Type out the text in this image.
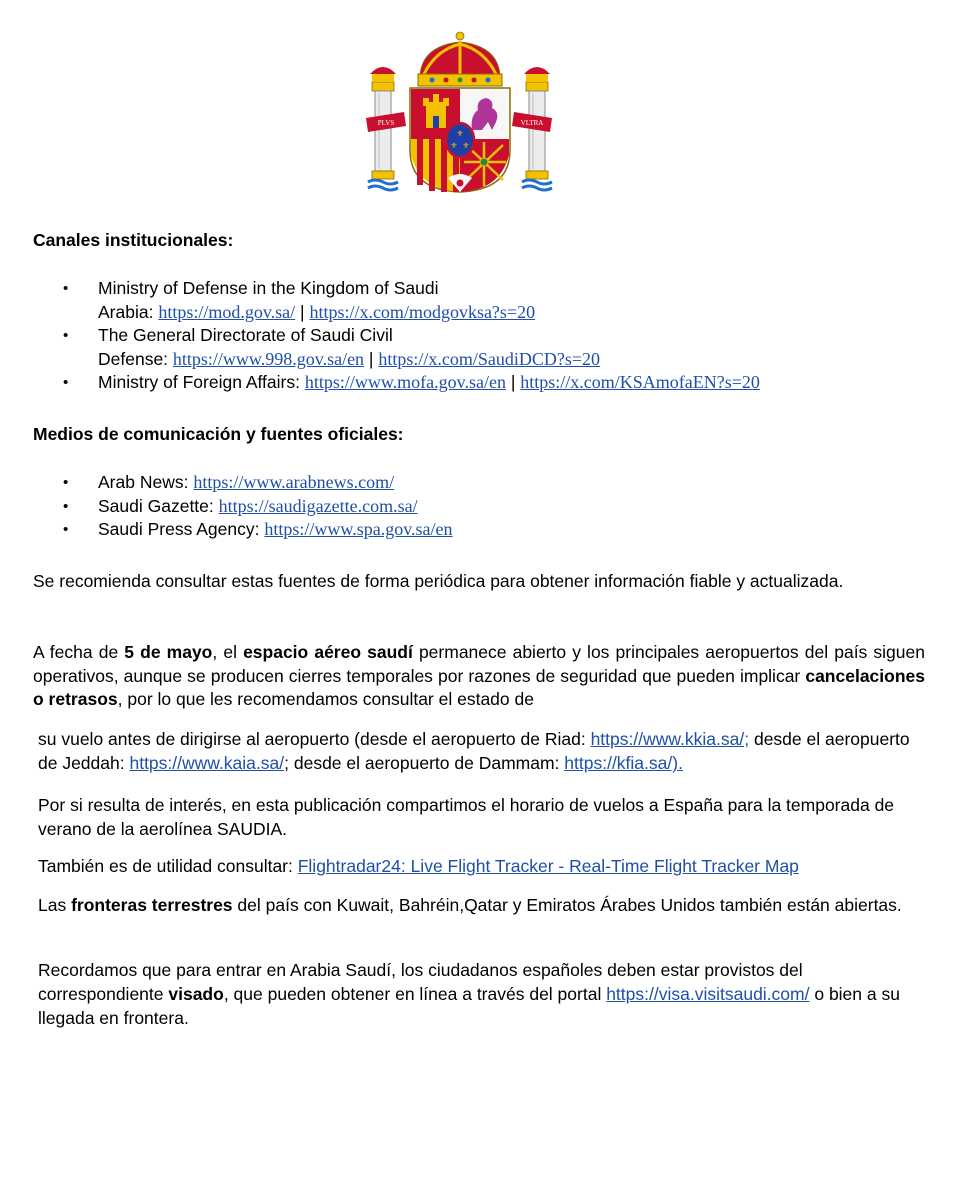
PLVS	VLTRA
⚜
⚜ ⚜
Canales institucionales:
• Ministry of Defense in the Kingdom of Saudi
Arabia: https://mod.gov.sa/ | https://x.com/modgovksa?s=20
• The General Directorate of Saudi Civil
Defense: https://www.998.gov.sa/en | https://x.com/SaudiDCD?s=20
• Ministry of Foreign Affairs: https://www.mofa.gov.sa/en | https://x.com/KSAmofaEN?s=20
Medios de comunicación y fuentes oficiales:
• Arab News: https://www.arabnews.com/
• Saudi Gazette: https://saudigazette.com.sa/
• Saudi Press Agency: https://www.spa.gov.sa/en
Se recomienda consultar estas fuentes de forma periódica para obtener información fiable y actualizada.
A fecha de 5 de mayo, el espacio aéreo saudí permanece abierto y los principales aeropuertos del país siguen operativos, aunque se producen cierres temporales por razones de seguridad que pueden implicar cancelaciones o retrasos, por lo que les recomendamos consultar el estado de
su vuelo antes de dirigirse al aeropuerto (desde el aeropuerto de Riad: https://www.kkia.sa/; desde el aeropuerto de Jeddah: https://www.kaia.sa/; desde el aeropuerto de Dammam: https://kfia.sa/).
Por si resulta de interés, en esta publicación compartimos el horario de vuelos a España para la temporada de verano de la aerolínea SAUDIA.
También es de utilidad consultar: Flightradar24: Live Flight Tracker - Real-Time Flight Tracker Map
Las fronteras terrestres del país con Kuwait, Bahréin,Qatar y Emiratos Árabes Unidos también están abiertas.
Recordamos que para entrar en Arabia Saudí, los ciudadanos españoles deben estar provistos del correspondiente visado, que pueden obtener en línea a través del portal https://visa.visitsaudi.com/ o bien a su llegada en frontera.
